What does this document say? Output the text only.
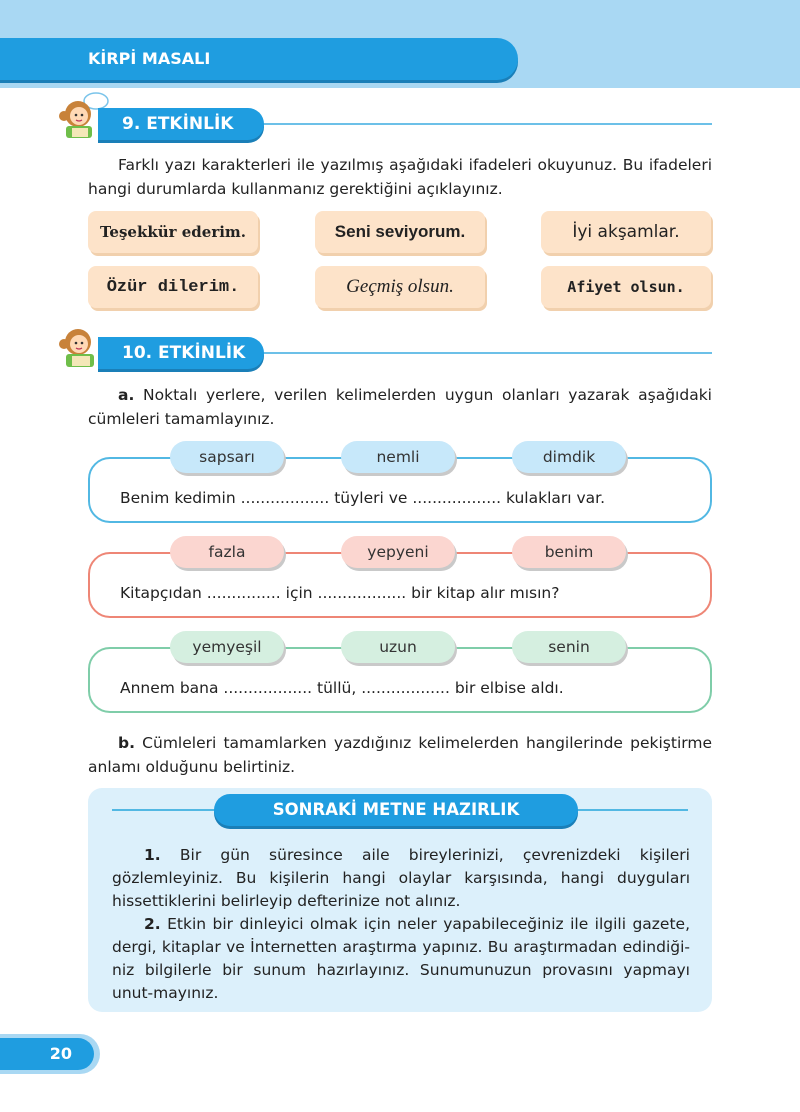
KİRPİ MASALI
9. ETKİNLİK
Farklı yazı karakterleri ile yazılmış aşağıdaki ifadeleri okuyunuz. Bu ifadeleri hangi durumlarda kullanmanız gerektiğini açıklayınız.
Teşekkür ederim.	Seni seviyorum.	İyi akşamlar.
Özür dilerim.	Geçmiş olsun.	Afiyet olsun.
10. ETKİNLİK
a. Noktalı yerlere, verilen kelimelerden uygun olanları yazarak aşağıdaki cümleleri tamamlayınız.
sapsarı	nemli	dimdik
Benim kedimin .................. tüyleri ve .................. kulakları var.
fazla	yepyeni	benim
Kitapçıdan ............... için .................. bir kitap alır mısın?
yemyeşil	uzun	senin
Annem bana .................. tüllü, .................. bir elbise aldı.
b. Cümleleri tamamlarken yazdığınız kelimelerden hangilerinde pekiştirme anlamı olduğunu belirtiniz.
SONRAKİ METNE HAZIRLIK
1. Bir gün süresince aile bireylerinizi, çevrenizdeki kişileri gözlemleyiniz. Bu kişilerin hangi olaylar karşısında, hangi duyguları hissettiklerini belirleyip defterinize not alınız.
2. Etkin bir dinleyici olmak için neler yapabileceğiniz ile ilgili gazete, dergi, kitaplar ve İnternetten araştırma yapınız. Bu araştırmadan edindiği-niz bilgilerle bir sunum hazırlayınız. Sunumunuzun provasını yapmayı unut-mayınız.
20
